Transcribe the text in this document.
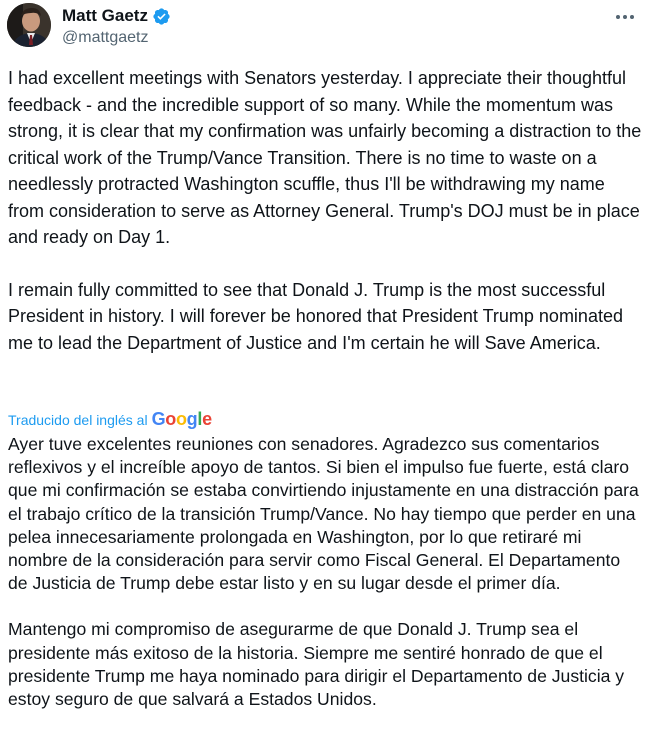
Matt Gaetz
@mattgaetz

I had excellent meetings with Senators yesterday. I appreciate their thoughtful feedback - and the incredible support of so many. While the momentum was strong, it is clear that my confirmation was unfairly becoming a distraction to the critical work of the Trump/Vance Transition. There is no time to waste on a needlessly protracted Washington scuffle, thus I'll be withdrawing my name from consideration to serve as Attorney General. Trump's DOJ must be in place and ready on Day 1.

I remain fully committed to see that Donald J. Trump is the most successful President in history. I will forever be honored that President Trump nominated me to lead the Department of Justice and I'm certain he will Save America.

Traducido del inglés al Google

Ayer tuve excelentes reuniones con senadores. Agradezco sus comentarios reflexivos y el increíble apoyo de tantos. Si bien el impulso fue fuerte, está claro que mi confirmación se estaba convirtiendo injustamente en una distracción para el trabajo crítico de la transición Trump/Vance. No hay tiempo que perder en una pelea innecesariamente prolongada en Washington, por lo que retiraré mi nombre de la consideración para servir como Fiscal General. El Departamento de Justicia de Trump debe estar listo y en su lugar desde el primer día.

Mantengo mi compromiso de asegurarme de que Donald J. Trump sea el presidente más exitoso de la historia. Siempre me sentiré honrado de que el presidente Trump me haya nominado para dirigir el Departamento de Justicia y estoy seguro de que salvará a Estados Unidos.
